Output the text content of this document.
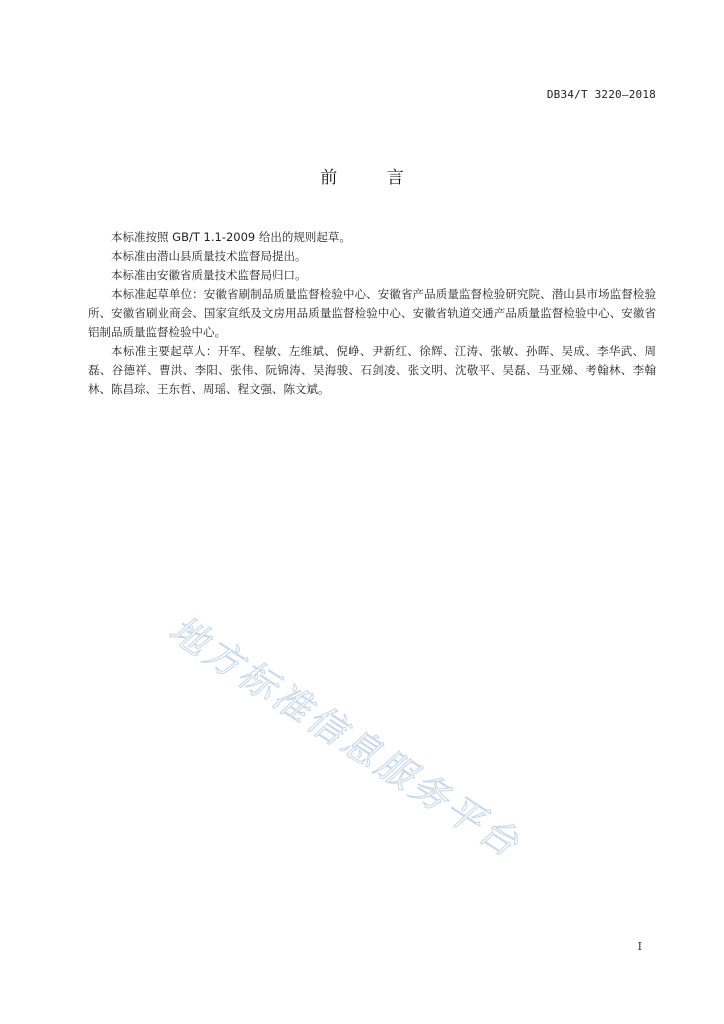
DB34/T 3220—2018
前 言

本标准按照 GB/T 1.1-2009 给出的规则起草。

本标准由潜山县质量技术监督局提出。

本标准由安徽省质量技术监督局归口。

本标准起草单位：安徽省刷制品质量监督检验中心、安徽省产品质量监督检验研究院、潜山县市场监督检验所、安徽省刷业商会、国家宣纸及文房用品质量监督检验中心、安徽省轨道交通产品质量监督检验中心、安徽省铝制品质量监督检验中心。

本标准主要起草人：开军、程敏、左维斌、倪峥、尹新红、徐辉、江涛、张敏、孙晖、吴成、李华武、周磊、谷德祥、曹洪、李阳、张伟、阮锦涛、吴海骏、石剑凌、张文明、沈敬平、吴磊、马亚娣、考翰林、李翰林、陈昌琮、王东哲、周瑶、程文强、陈文斌。

地方标准信息服务平台
I
